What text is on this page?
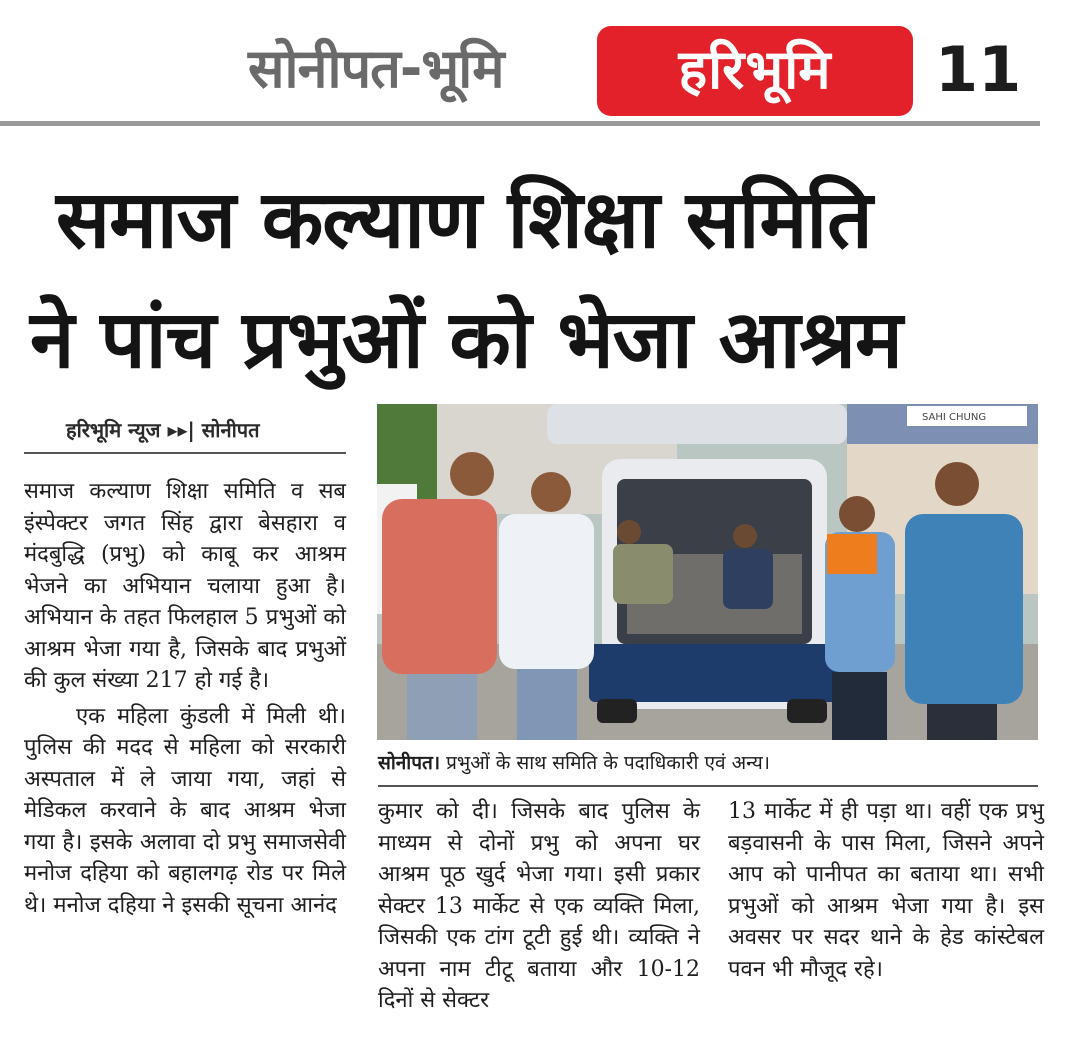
सोनीपत-भूमि	हरिभूमि	11
समाज कल्याण शिक्षा समिति
ने पांच प्रभुओं को भेजा आश्रम
हरिभूमि न्यूज ▸▸| सोनीपत

समाज कल्याण शिक्षा समिति व सब इंस्पेक्टर जगत सिंह द्वारा बेसहारा व मंदबुद्धि (प्रभु) को काबू कर आश्रम भेजने का अभियान चलाया हुआ है। अभियान के तहत फिलहाल 5 प्रभुओं को आश्रम भेजा गया है, जिसके बाद प्रभुओं की कुल संख्या 217 हो गई है।

एक महिला कुंडली में मिली थी। पुलिस की मदद से महिला को सरकारी अस्पताल में ले जाया गया, जहां से मेडिकल करवाने के बाद आश्रम भेजा गया है। इसके अलावा दो प्रभु समाजसेवी मनोज दहिया को बहालगढ़ रोड पर मिले थे। मनोज दहिया ने इसकी सूचना आनंद

SAHI CHUNG
सोनीपत। प्रभुओं के साथ समिति के पदाधिकारी एवं अन्य।

कुमार को दी। जिसके बाद पुलिस के माध्यम से दोनों प्रभु को अपना घर आश्रम पूठ खुर्द भेजा गया। इसी प्रकार सेक्टर 13 मार्केट से एक व्यक्ति मिला, जिसकी एक टांग टूटी हुई थी। व्यक्ति ने अपना नाम टीटू बताया और 10-12 दिनों से सेक्टर

13 मार्केट में ही पड़ा था। वहीं एक प्रभु बड़वासनी के पास मिला, जिसने अपने आप को पानीपत का बताया था। सभी प्रभुओं को आश्रम भेजा गया है। इस अवसर पर सदर थाने के हेड कांस्टेबल पवन भी मौजूद रहे।
